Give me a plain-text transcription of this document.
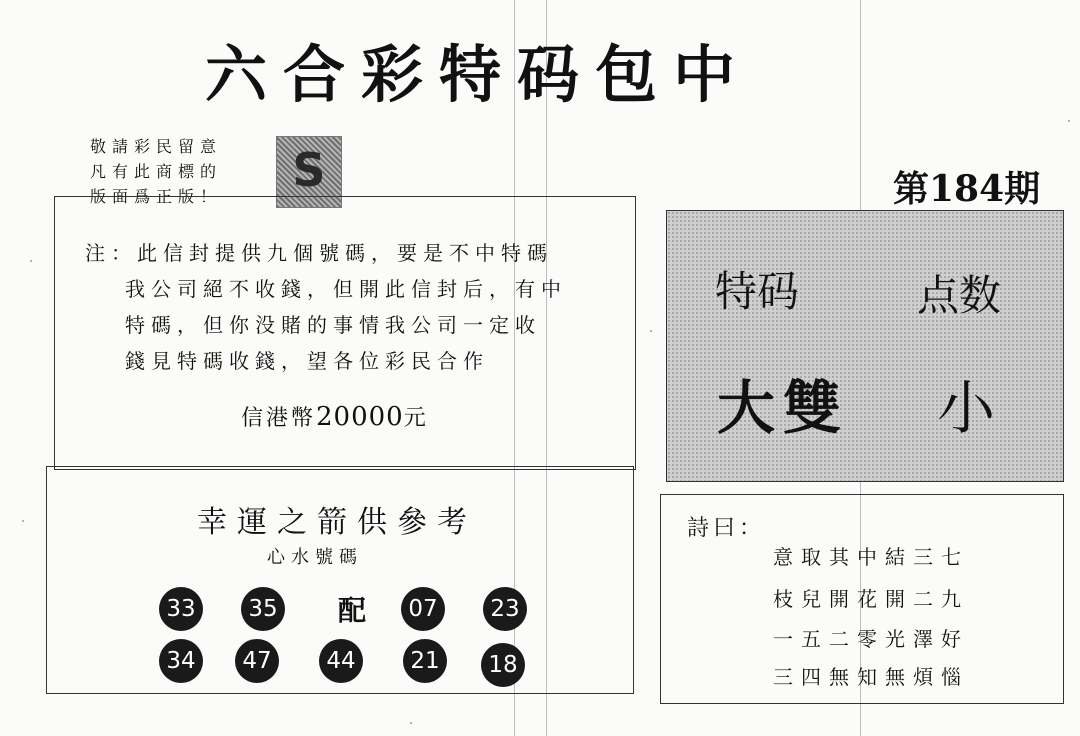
六合彩特码包中
敬請彩民留意
凡有此商標的
版面爲正版！	S	第184期
注：此信封提供九個號碼，要是不中特碼
我公司絕不收錢，但開此信封后，有中
特碼，但你没賭的事情我公司一定收
錢見特碼收錢，望各位彩民合作
信港幣20000元
特码	点数
大雙	小
幸運之箭供參考
心水號碼
33	35	配	07	23
34	47	44	21	18
詩曰：
意取其中結三七
枝兒開花開二九
一五二零光澤好
三四無知無煩惱
